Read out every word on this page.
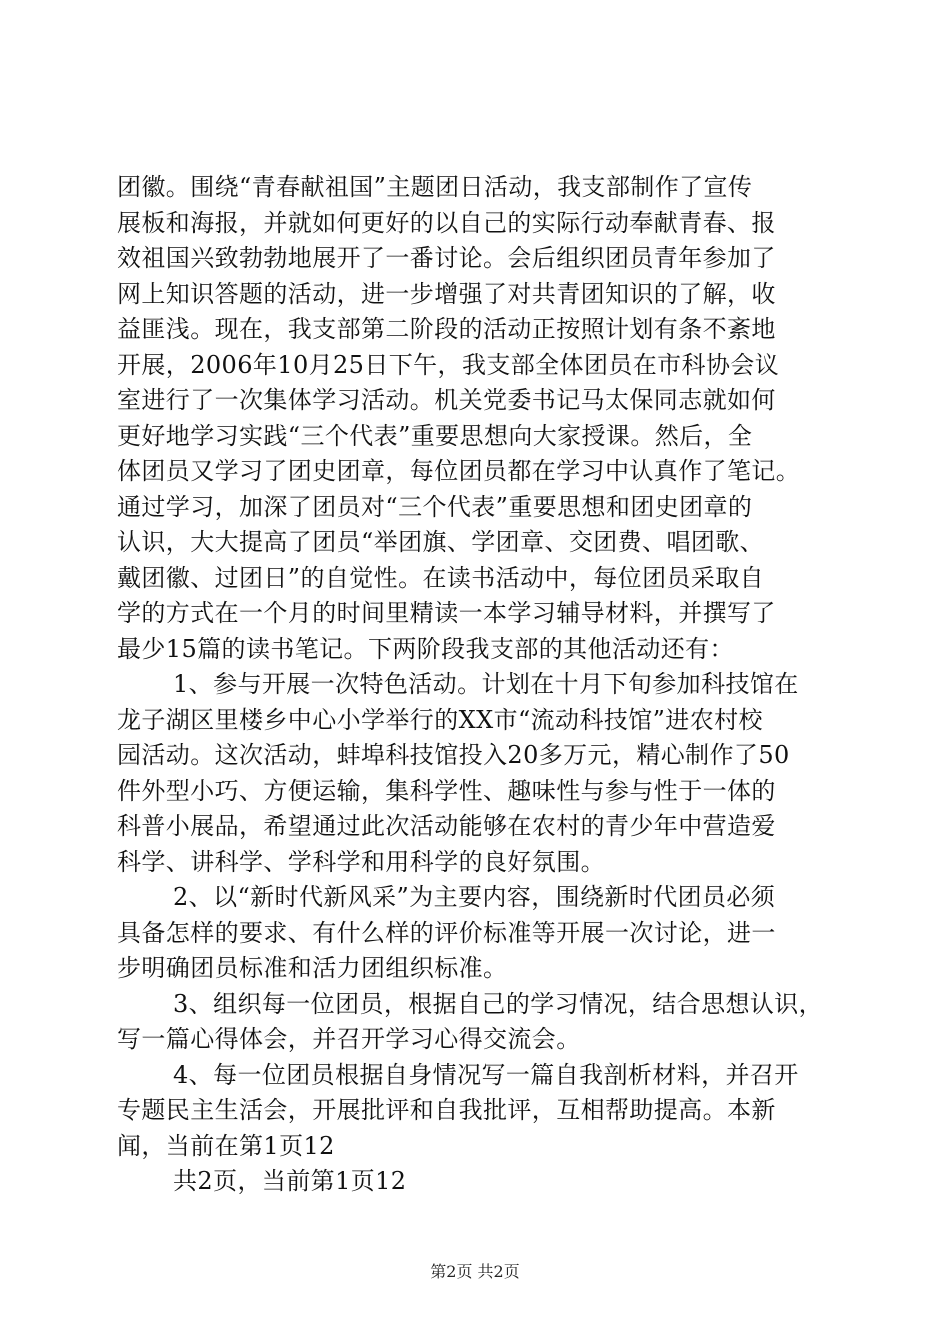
团徽。围绕“青春献祖国”主题团日活动，我支部制作了宣传
展板和海报，并就如何更好的以自己的实际行动奉献青春、报
效祖国兴致勃勃地展开了一番讨论。会后组织团员青年参加了
网上知识答题的活动，进一步增强了对共青团知识的了解，收
益匪浅。现在，我支部第二阶段的活动正按照计划有条不紊地
开展，2006年10月25日下午，我支部全体团员在市科协会议
室进行了一次集体学习活动。机关党委书记马太保同志就如何
更好地学习实践“三个代表”重要思想向大家授课。然后，全
体团员又学习了团史团章，每位团员都在学习中认真作了笔记。
通过学习，加深了团员对“三个代表”重要思想和团史团章的
认识，大大提高了团员“举团旗、学团章、交团费、唱团歌、
戴团徽、过团日”的自觉性。在读书活动中，每位团员采取自
学的方式在一个月的时间里精读一本学习辅导材料，并撰写了
最少15篇的读书笔记。下两阶段我支部的其他活动还有：
1、参与开展一次特色活动。计划在十月下旬参加科技馆在
龙子湖区里楼乡中心小学举行的XX市“流动科技馆”进农村校
园活动。这次活动，蚌埠科技馆投入20多万元，精心制作了50
件外型小巧、方便运输，集科学性、趣味性与参与性于一体的
科普小展品，希望通过此次活动能够在农村的青少年中营造爱
科学、讲科学、学科学和用科学的良好氛围。
2、以“新时代新风采”为主要内容，围绕新时代团员必须
具备怎样的要求、有什么样的评价标准等开展一次讨论，进一
步明确团员标准和活力团组织标准。
3、组织每一位团员，根据自己的学习情况，结合思想认识，
写一篇心得体会，并召开学习心得交流会。
4、每一位团员根据自身情况写一篇自我剖析材料，并召开
专题民主生活会，开展批评和自我批评，互相帮助提高。本新
闻，当前在第1页12
共2页，当前第1页12
第2页 共2页
